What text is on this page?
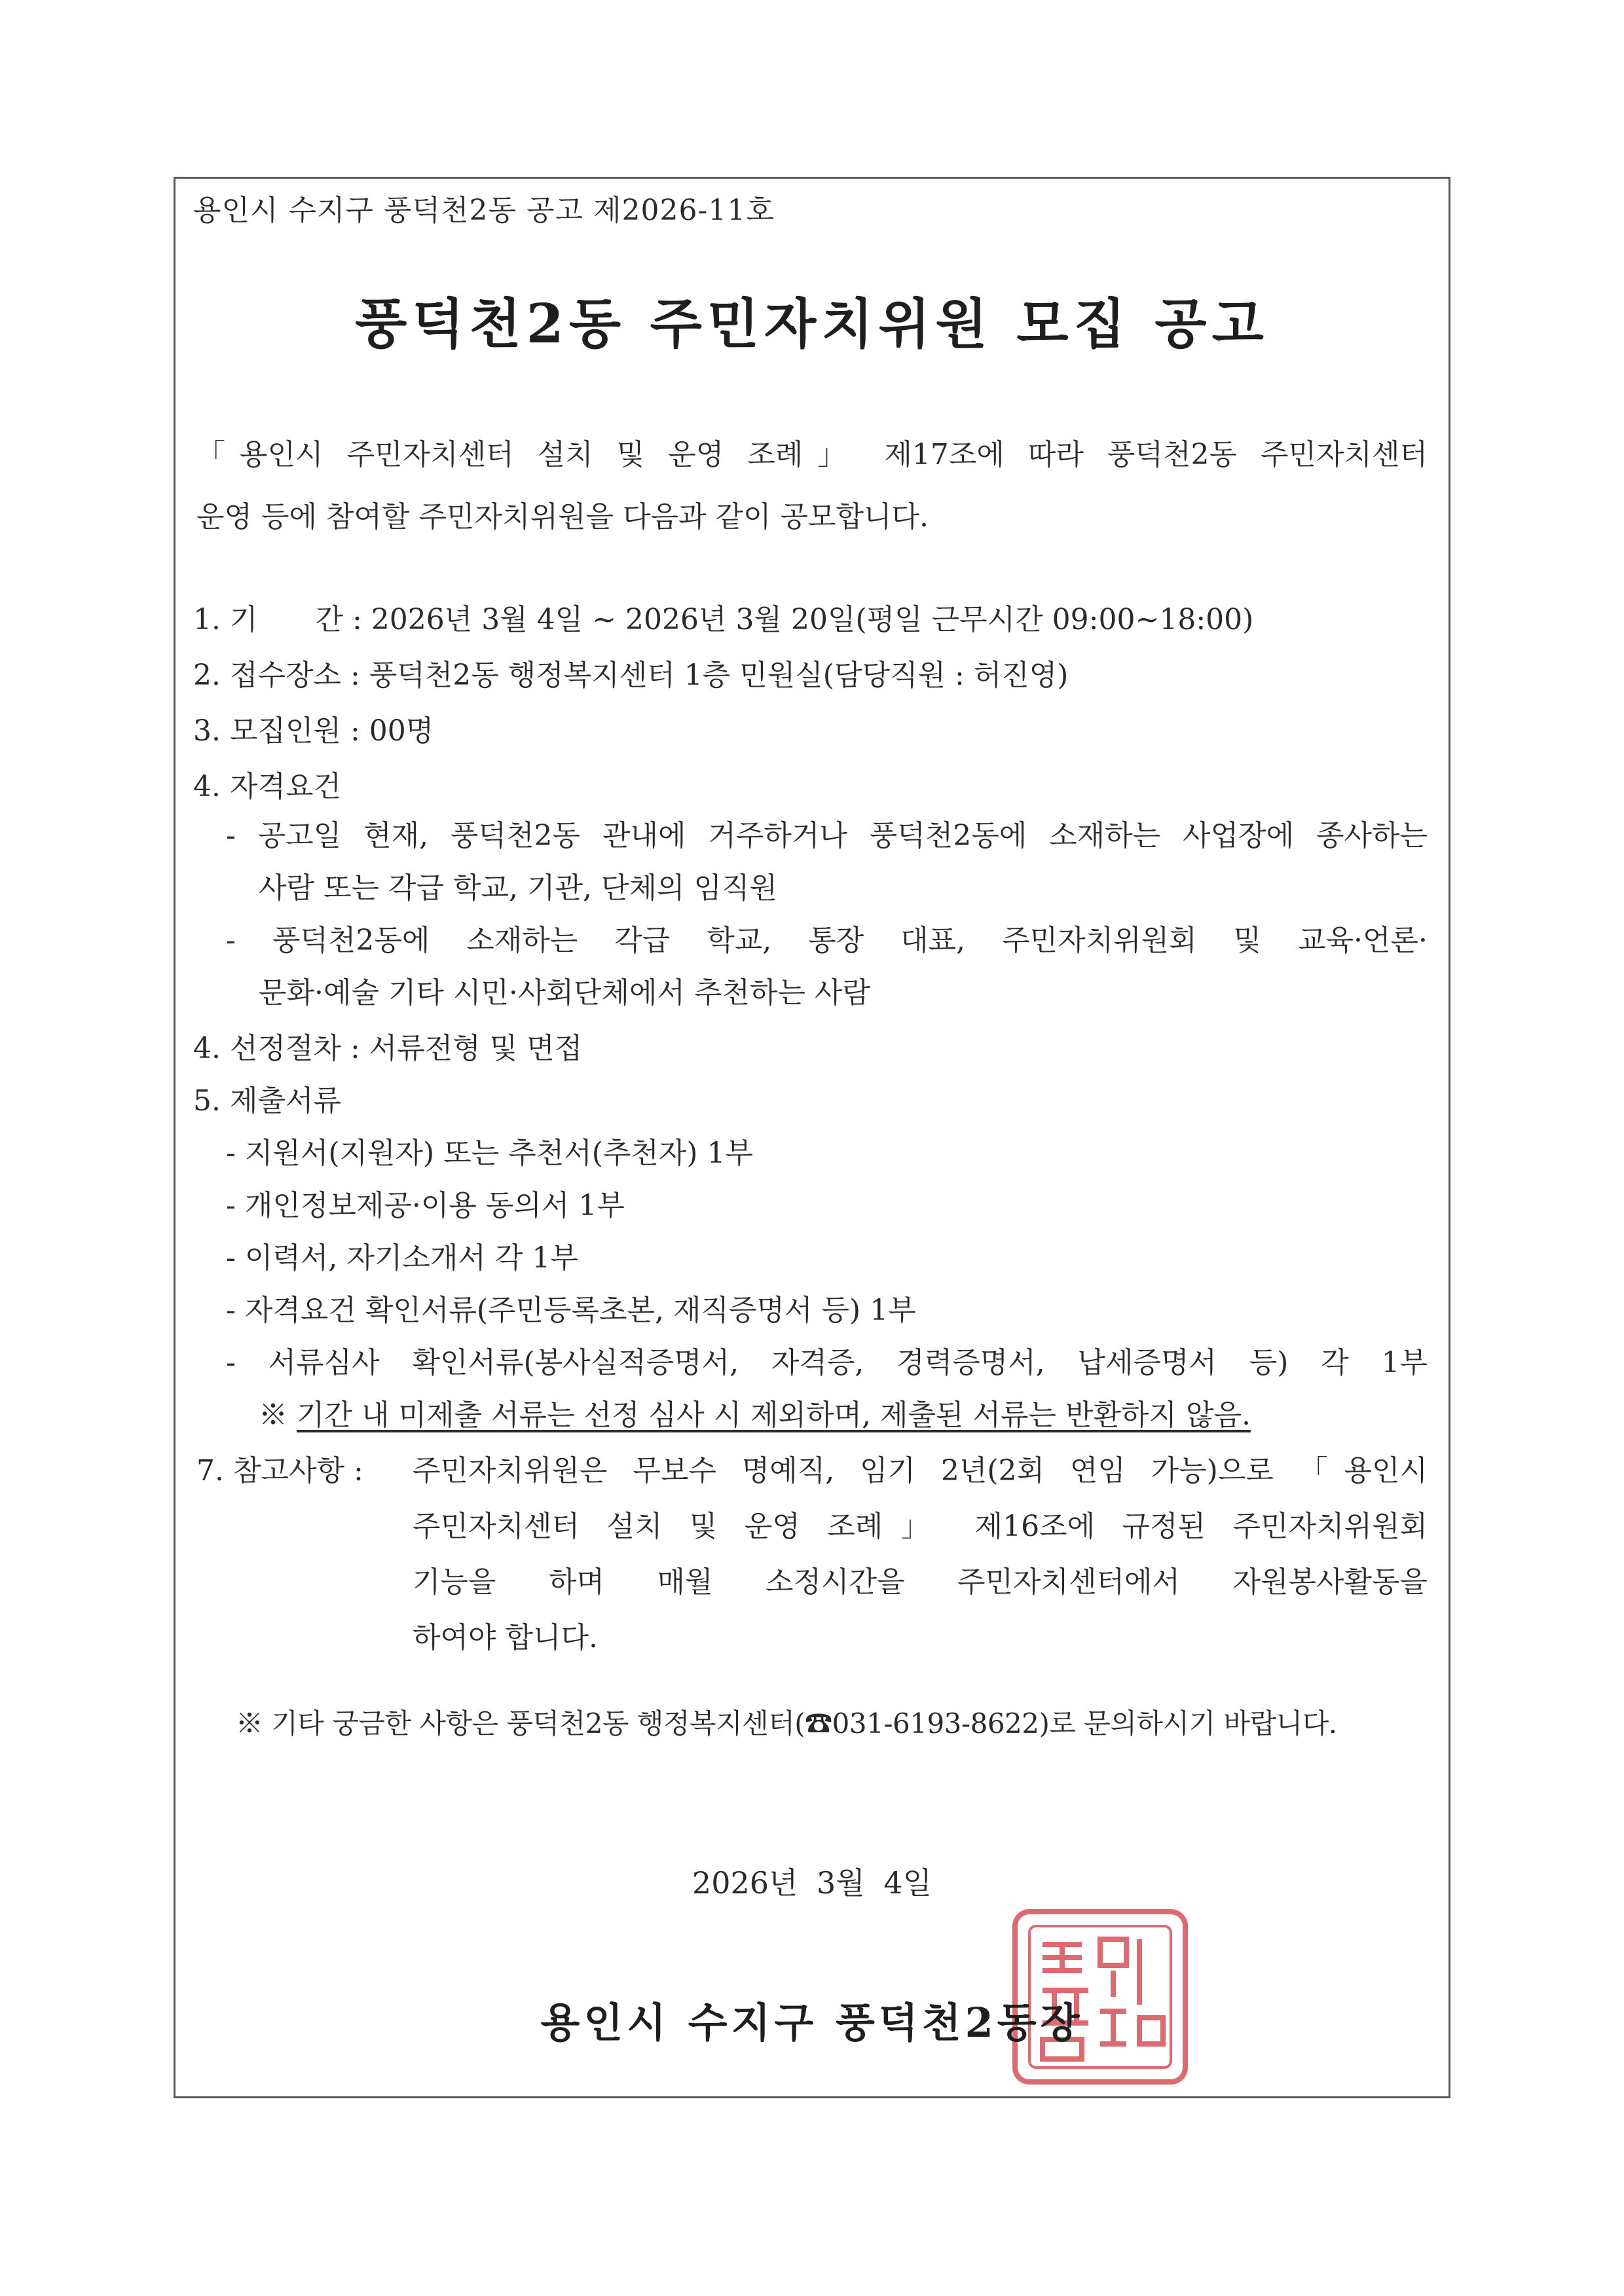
용인시 수지구 풍덕천2동 공고 제2026-11호
풍덕천2동 주민자치위원 모집 공고
「용인시 주민자치센터 설치 및 운영 조례」 제17조에 따라 풍덕천2동 주민자치센터
운영 등에 참여할 주민자치위원을 다음과 같이 공모합니다.
1. 기　　간 : 2026년 3월 4일 ~ 2026년 3월 20일(평일 근무시간 09:00~18:00)
2. 접수장소 : 풍덕천2동 행정복지센터 1층 민원실(담당직원 : 허진영)
3. 모집인원 : 00명
4. 자격요건
- 공고일 현재, 풍덕천2동 관내에 거주하거나 풍덕천2동에 소재하는 사업장에 종사하는
사람 또는 각급 학교, 기관, 단체의 임직원
- 풍덕천2동에 소재하는 각급 학교, 통장 대표, 주민자치위원회 및 교육·언론·
문화·예술 기타 시민·사회단체에서 추천하는 사람
4. 선정절차 : 서류전형 및 면접
5. 제출서류
- 지원서(지원자) 또는 추천서(추천자) 1부
- 개인정보제공·이용 동의서 1부
- 이력서, 자기소개서 각 1부
- 자격요건 확인서류(주민등록초본, 재직증명서 등) 1부
- 서류심사 확인서류(봉사실적증명서, 자격증, 경력증명서, 납세증명서 등) 각 1부
※ 기간 내 미제출 서류는 선정 심사 시 제외하며, 제출된 서류는 반환하지 않음.
7. 참고사항 : 주민자치위원은 무보수 명예직, 임기 2년(2회 연임 가능)으로 「용인시
주민자치센터 설치 및 운영 조례」 제16조에 규정된 주민자치위원회
기능을 하며 매월 소정시간을 주민자치센터에서 자원봉사활동을
하여야 합니다.
※ 기타 궁금한 사항은 풍덕천2동 행정복지센터(☎031-6193-8622)로 문의하시기 바랍니다.
2026년 3월 4일
용인시 수지구 풍덕천2동장
